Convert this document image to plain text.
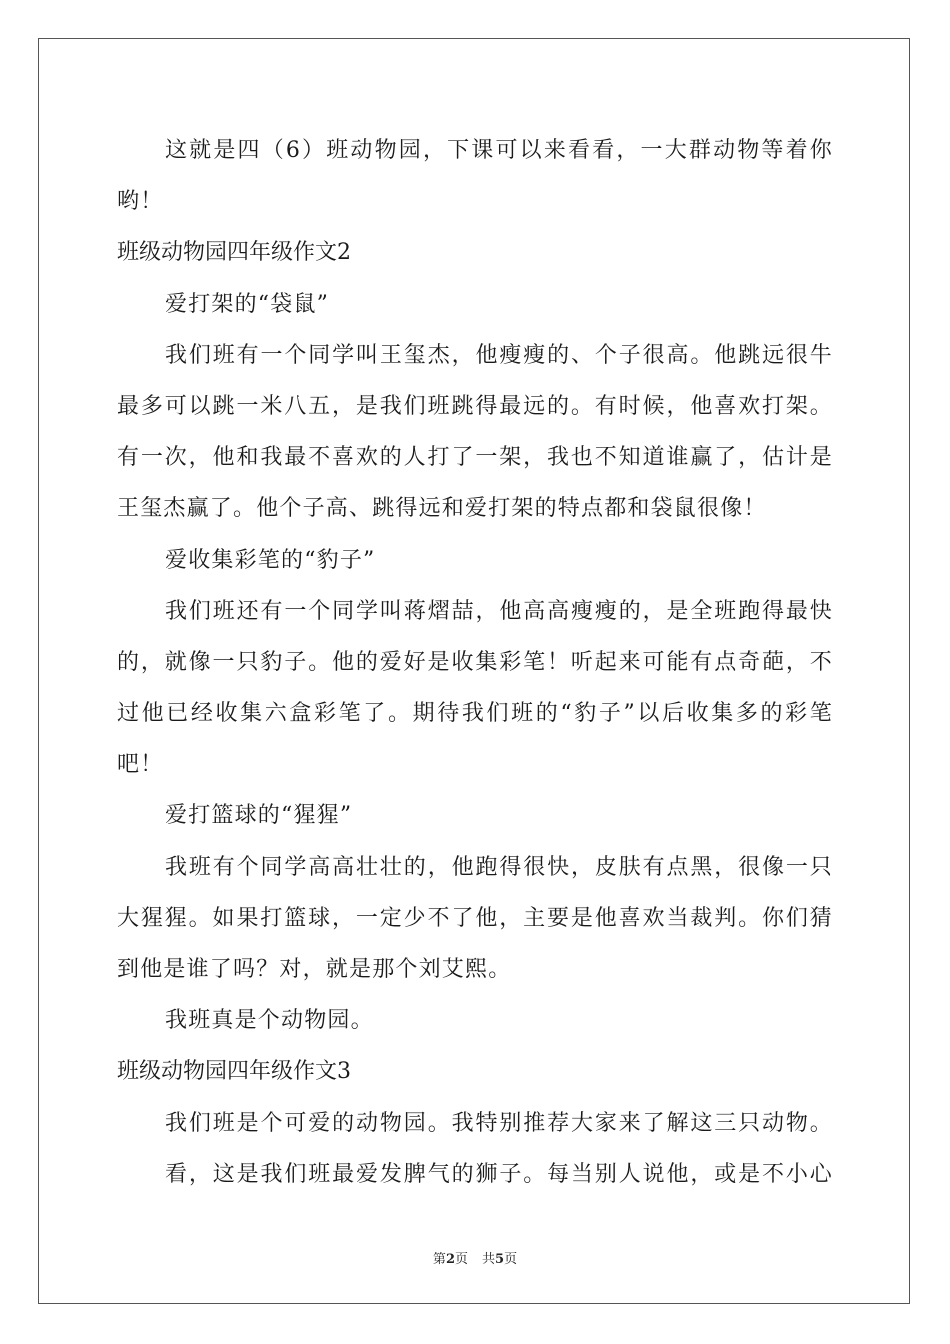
这就是四（6）班动物园，下课可以来看看，一大群动物等着你
哟！
班级动物园四年级作文2
爱打架的“袋鼠”
我们班有一个同学叫王玺杰，他瘦瘦的、个子很高。他跳远很牛
最多可以跳一米八五，是我们班跳得最远的。有时候，他喜欢打架。
有一次，他和我最不喜欢的人打了一架，我也不知道谁赢了，估计是
王玺杰赢了。他个子高、跳得远和爱打架的特点都和袋鼠很像！
爱收集彩笔的“豹子”
我们班还有一个同学叫蒋熠喆，他高高瘦瘦的，是全班跑得最快
的，就像一只豹子。他的爱好是收集彩笔！听起来可能有点奇葩，不
过他已经收集六盒彩笔了。期待我们班的“豹子”以后收集多的彩笔
吧！
爱打篮球的“猩猩”
我班有个同学高高壮壮的，他跑得很快，皮肤有点黑，很像一只
大猩猩。如果打篮球，一定少不了他，主要是他喜欢当裁判。你们猜
到他是谁了吗？对，就是那个刘艾熙。
我班真是个动物园。
班级动物园四年级作文3
我们班是个可爱的动物园。我特别推荐大家来了解这三只动物。
看，这是我们班最爱发脾气的狮子。每当别人说他，或是不小心
第2页 共5页
